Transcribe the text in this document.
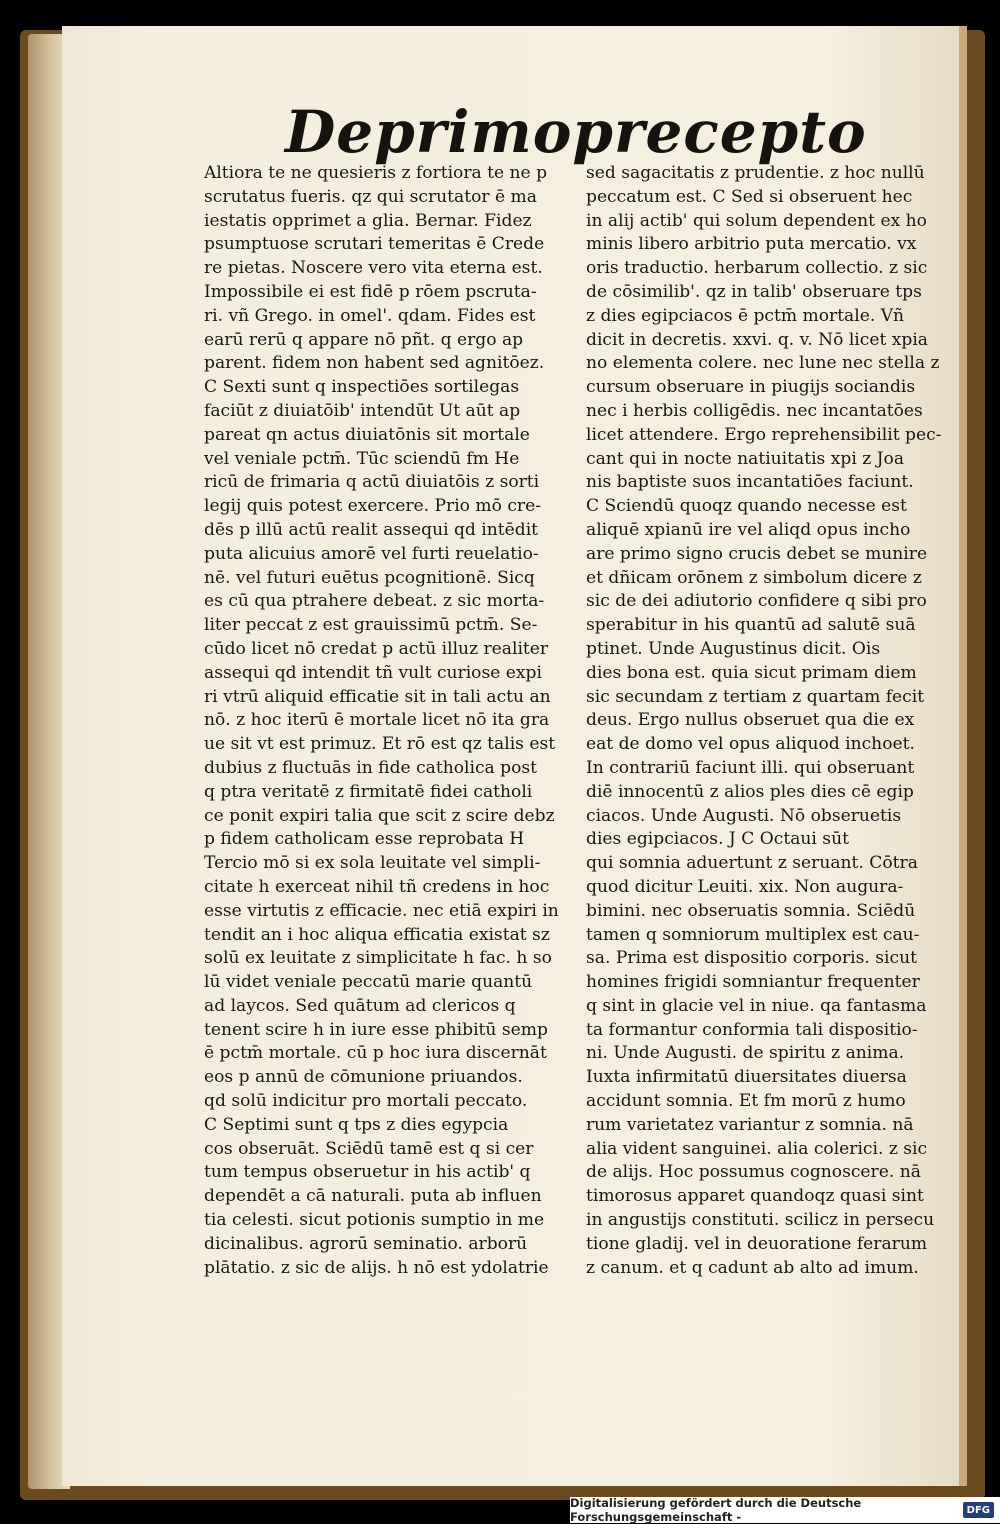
De primo precepto
Altiora te ne quesieris z fortiora te ne p
scrutatus fueris. qz qui scrutator ē ma
iestatis opprimet a glia. Bernar. Fidez
psumptuose scrutari temeritas ē Crede
re pietas. Noscere vero vita eterna est.
Impossibile ei est fidē p rōem pscruta-
ri. vñ Grego. in omel'. qdam. Fides est
earū rerū q appare nō pñt. q ergo ap
parent. fidem non habent sed agnitōez.
C Sexti sunt q inspectiōes sortilegas
faciūt z diuiatōib' intendūt Ut aūt ap
pareat qn actus diuiatōnis sit mortale
vel veniale pctm̄. Tūc sciendū fm He
ricū de frimaria q actū diuiatōis z sorti
legij quis potest exercere. Prio mō cre-
dēs p illū actū realit assequi qd intēdit
puta alicuius amorē vel furti reuelatio-
nē. vel futuri euētus pcognitionē. Sicq
es cū qua ptrahere debeat. z sic morta-
liter peccat z est grauissimū pctm̄. Se-
cūdo licet nō credat p actū illuz realiter
assequi qd intendit tñ vult curiose expi
ri vtrū aliquid efficatie sit in tali actu an
nō. z hoc iterū ē mortale licet nō ita gra
ue sit vt est primuz. Et rō est qz talis est
dubius z fluctuās in fide catholica post
q ptra veritatē z firmitatē fidei catholi
ce ponit expiri talia que scit z scire debz
p fidem catholicam esse reprobata H
Tercio mō si ex sola leuitate vel simpli-
citate h exerceat nihil tñ credens in hoc
esse virtutis z efficacie. nec etiā expiri in
tendit an i hoc aliqua efficatia existat sz
solū ex leuitate z simplicitate h fac. h so
lū videt veniale peccatū marie quantū
ad laycos. Sed quātum ad clericos q
tenent scire h in iure esse phibitū semp
ē pctm̄ mortale. cū p hoc iura discernāt
eos p annū de cōmunione priuandos.
qd solū indicitur pro mortali peccato.
C Septimi sunt q tps z dies egypcia
cos obseruāt. Sciēdū tamē est q si cer
tum tempus obseruetur in his actib' q
dependēt a cā naturali. puta ab influen
tia celesti. sicut potionis sumptio in me
dicinalibus. agrorū seminatio. arborū
plātatio. z sic de alijs. h nō est ydolatrie
sed sagacitatis z prudentie. z hoc nullū
peccatum est. C Sed si obseruent hec
in alij actib' qui solum dependent ex ho
minis libero arbitrio puta mercatio. vx
oris traductio. herbarum collectio. z sic
de cōsimilib'. qz in talib' obseruare tps
z dies egipciacos ē pctm̄ mortale. Vñ
dicit in decretis. xxvi. q. v. Nō licet xpia
no elementa colere. nec lune nec stella z
cursum obseruare in piugijs sociandis
nec i herbis colligēdis. nec incantatōes
licet attendere. Ergo reprehensibilit pec-
cant qui in nocte natiuitatis xpi z Joa
nis baptiste suos incantatiōes faciunt.
C Sciendū quoqz quando necesse est
aliquē xpianū ire vel aliqd opus incho
are primo signo crucis debet se munire
et dñicam orōnem z simbolum dicere z
sic de dei adiutorio confidere q sibi pro
sperabitur in his quantū ad salutē suā
ptinet. Unde Augustinus dicit. Ois
dies bona est. quia sicut primam diem
sic secundam z tertiam z quartam fecit
deus. Ergo nullus obseruet qua die ex
eat de domo vel opus aliquod inchoet.
In contrariū faciunt illi. qui obseruant
diē innocentū z alios ples dies cē egip
ciacos. Unde Augusti. Nō obseruetis
dies egipciacos. J C Octaui sūt
qui somnia aduertunt z seruant. Cōtra
quod dicitur Leuiti. xix. Non augura-
bimini. nec obseruatis somnia. Sciēdū
tamen q somniorum multiplex est cau-
sa. Prima est dispositio corporis. sicut
homines frigidi somniantur frequenter
q sint in glacie vel in niue. qa fantasma
ta formantur conformia tali dispositio-
ni. Unde Augusti. de spiritu z anima.
Iuxta infirmitatū diuersitates diuersa
accidunt somnia. Et fm morū z humo
rum varietatez variantur z somnia. nā
alia vident sanguinei. alia colerici. z sic
de alijs. Hoc possumus cognoscere. nā
timorosus apparet quandoqz quasi sint
in angustijs constituti. scilicz in persecu
tione gladij. vel in deuoratione ferarum
z canum. et q cadunt ab alto ad imum.
Digitalisierung gefördert durch die Deutsche Forschungsgemeinschaft -	DFG
